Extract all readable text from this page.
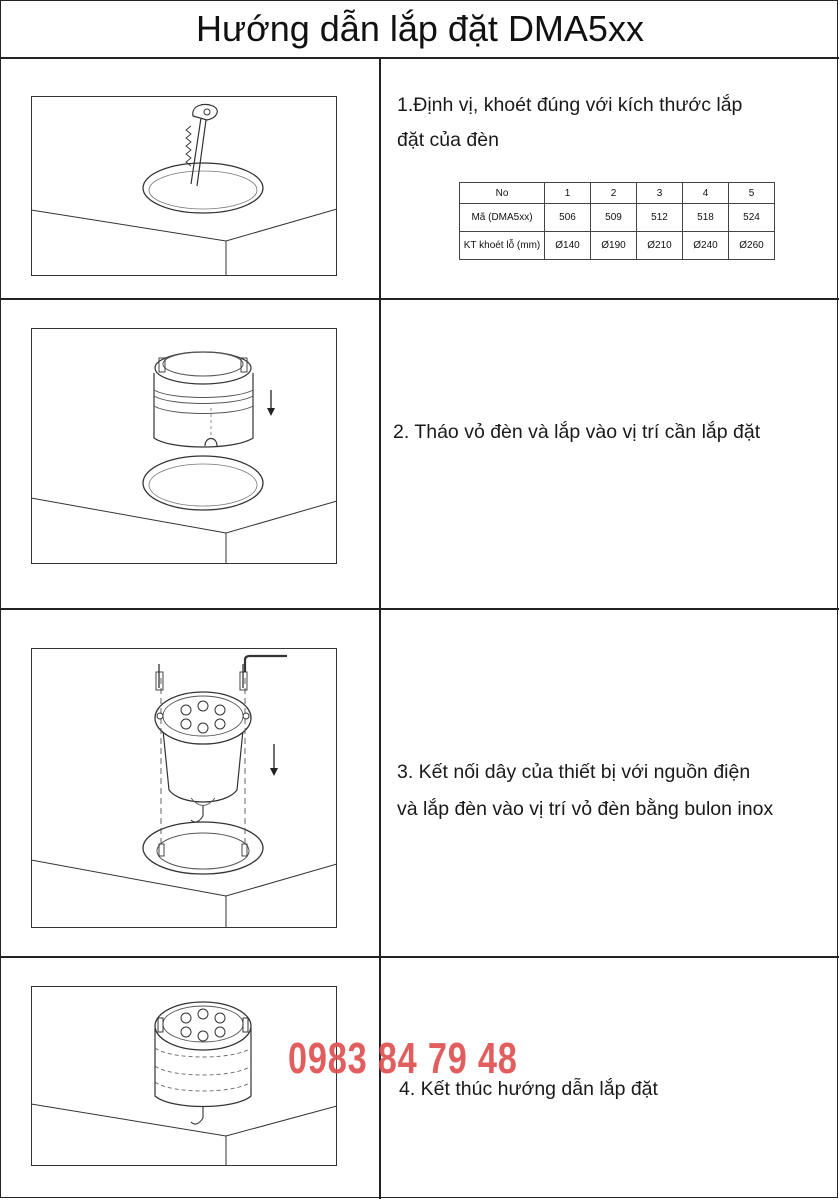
Hướng dẫn lắp đặt DMA5xx
1.Định vị, khoét đúng với kích thước lắp
đặt của đèn
No	1	2	3	4	5
Mã (DMA5xx)	506	509	512	518	524
KT khoét lỗ (mm)	Ø140	Ø190	Ø210	Ø240	Ø260
2. Tháo vỏ đèn và lắp vào vị trí cần lắp đặt
3. Kết nối dây của thiết bị với nguồn điện
và lắp đèn vào vị trí vỏ đèn bằng bulon inox
4. Kết thúc hướng dẫn lắp đặt
0983 84 79 48
